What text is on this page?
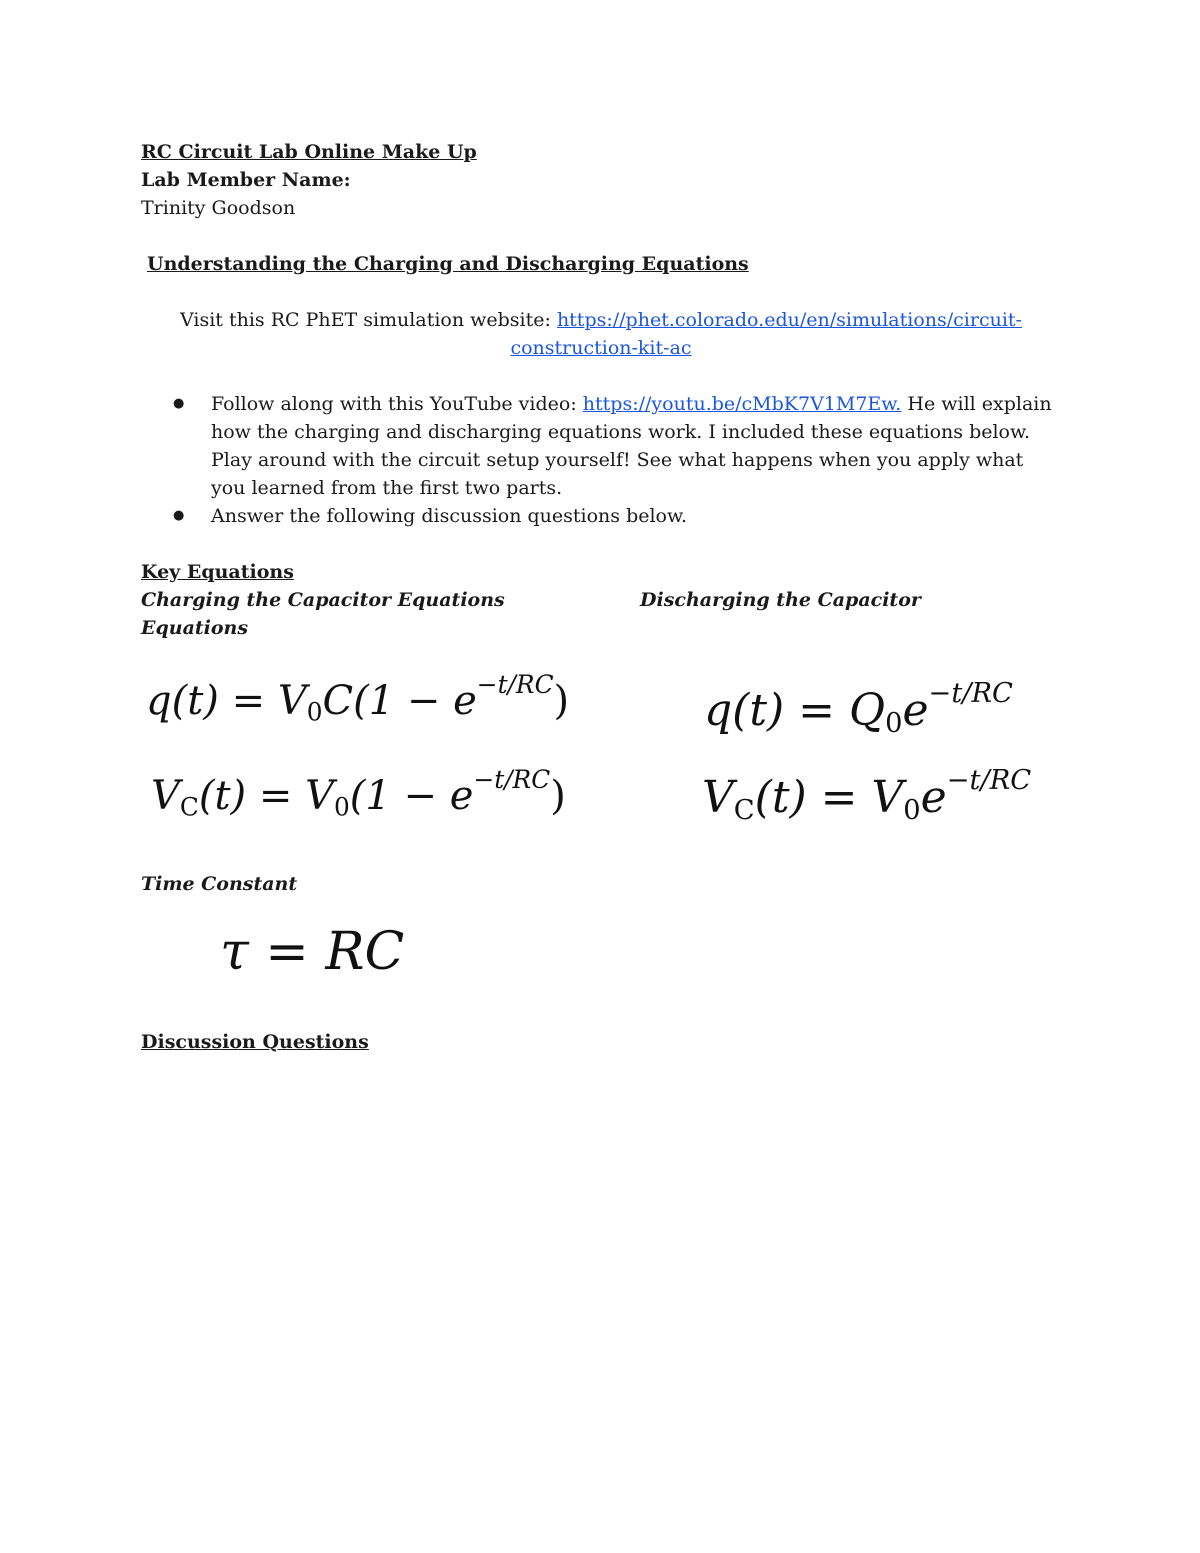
RC Circuit Lab Online Make Up
Lab Member Name:
Trinity Goodson
Understanding the Charging and Discharging Equations
Visit this RC PhET simulation website: https://phet.colorado.edu/en/simulations/circuit-
construction-kit-ac
● Follow along with this YouTube video: https://youtu.be/cMbK7V1M7Ew. He will explain how the charging and discharging equations work. I included these equations below. Play around with the circuit setup yourself! See what happens when you apply what you learned from the first two parts.
● Answer the following discussion questions below.
Key Equations
Charging the Capacitor Equations	Discharging the Capacitor
Equations
$q(t) = V_0C(1 - e^{-t/RC})$
$V_C(t) = V_0(1 - e^{-t/RC})$
$q(t) = Q_0e^{-t/RC}$
$V_C(t) = V_0e^{-t/RC}$
Time Constant
τ = RC
Discussion Questions
